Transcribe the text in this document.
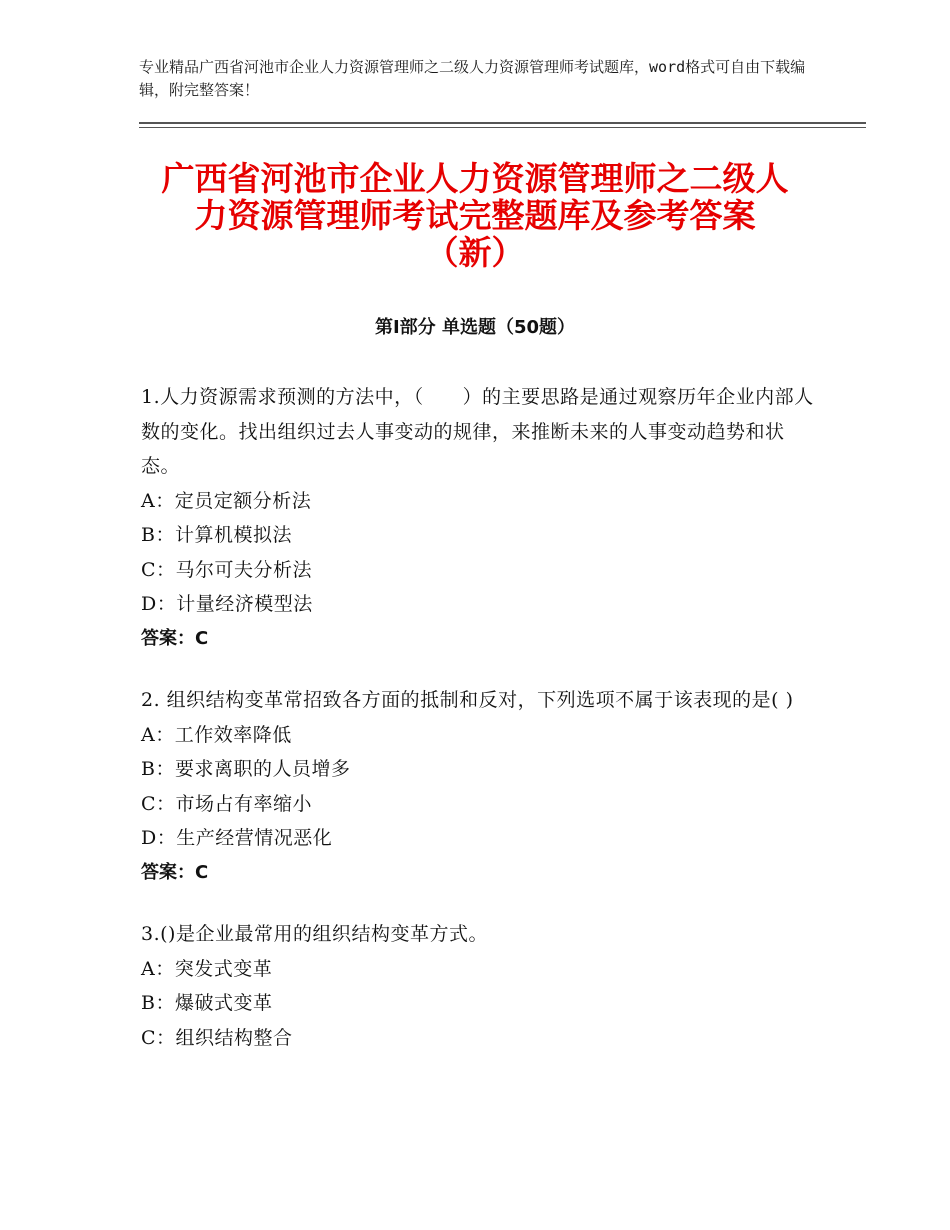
专业精品广西省河池市企业人力资源管理师之二级人力资源管理师考试题库，word格式可自由下载编辑，附完整答案！
广西省河池市企业人力资源管理师之二级人
力资源管理师考试完整题库及参考答案
（新）
第Ⅰ部分 单选题（50题）
1.人力资源需求预测的方法中，（　　）的主要思路是通过观察历年企业内部人数的变化。找出组织过去人事变动的规律，来推断未来的人事变动趋势和状态。
A：定员定额分析法
B：计算机模拟法
C：马尔可夫分析法
D：计量经济模型法
答案：C
2. 组织结构变革常招致各方面的抵制和反对，下列选项不属于该表现的是( )
A：工作效率降低
B：要求离职的人员增多
C：市场占有率缩小
D：生产经营情况恶化
答案：C
3.()是企业最常用的组织结构变革方式。
A：突发式变革
B：爆破式变革
C：组织结构整合
